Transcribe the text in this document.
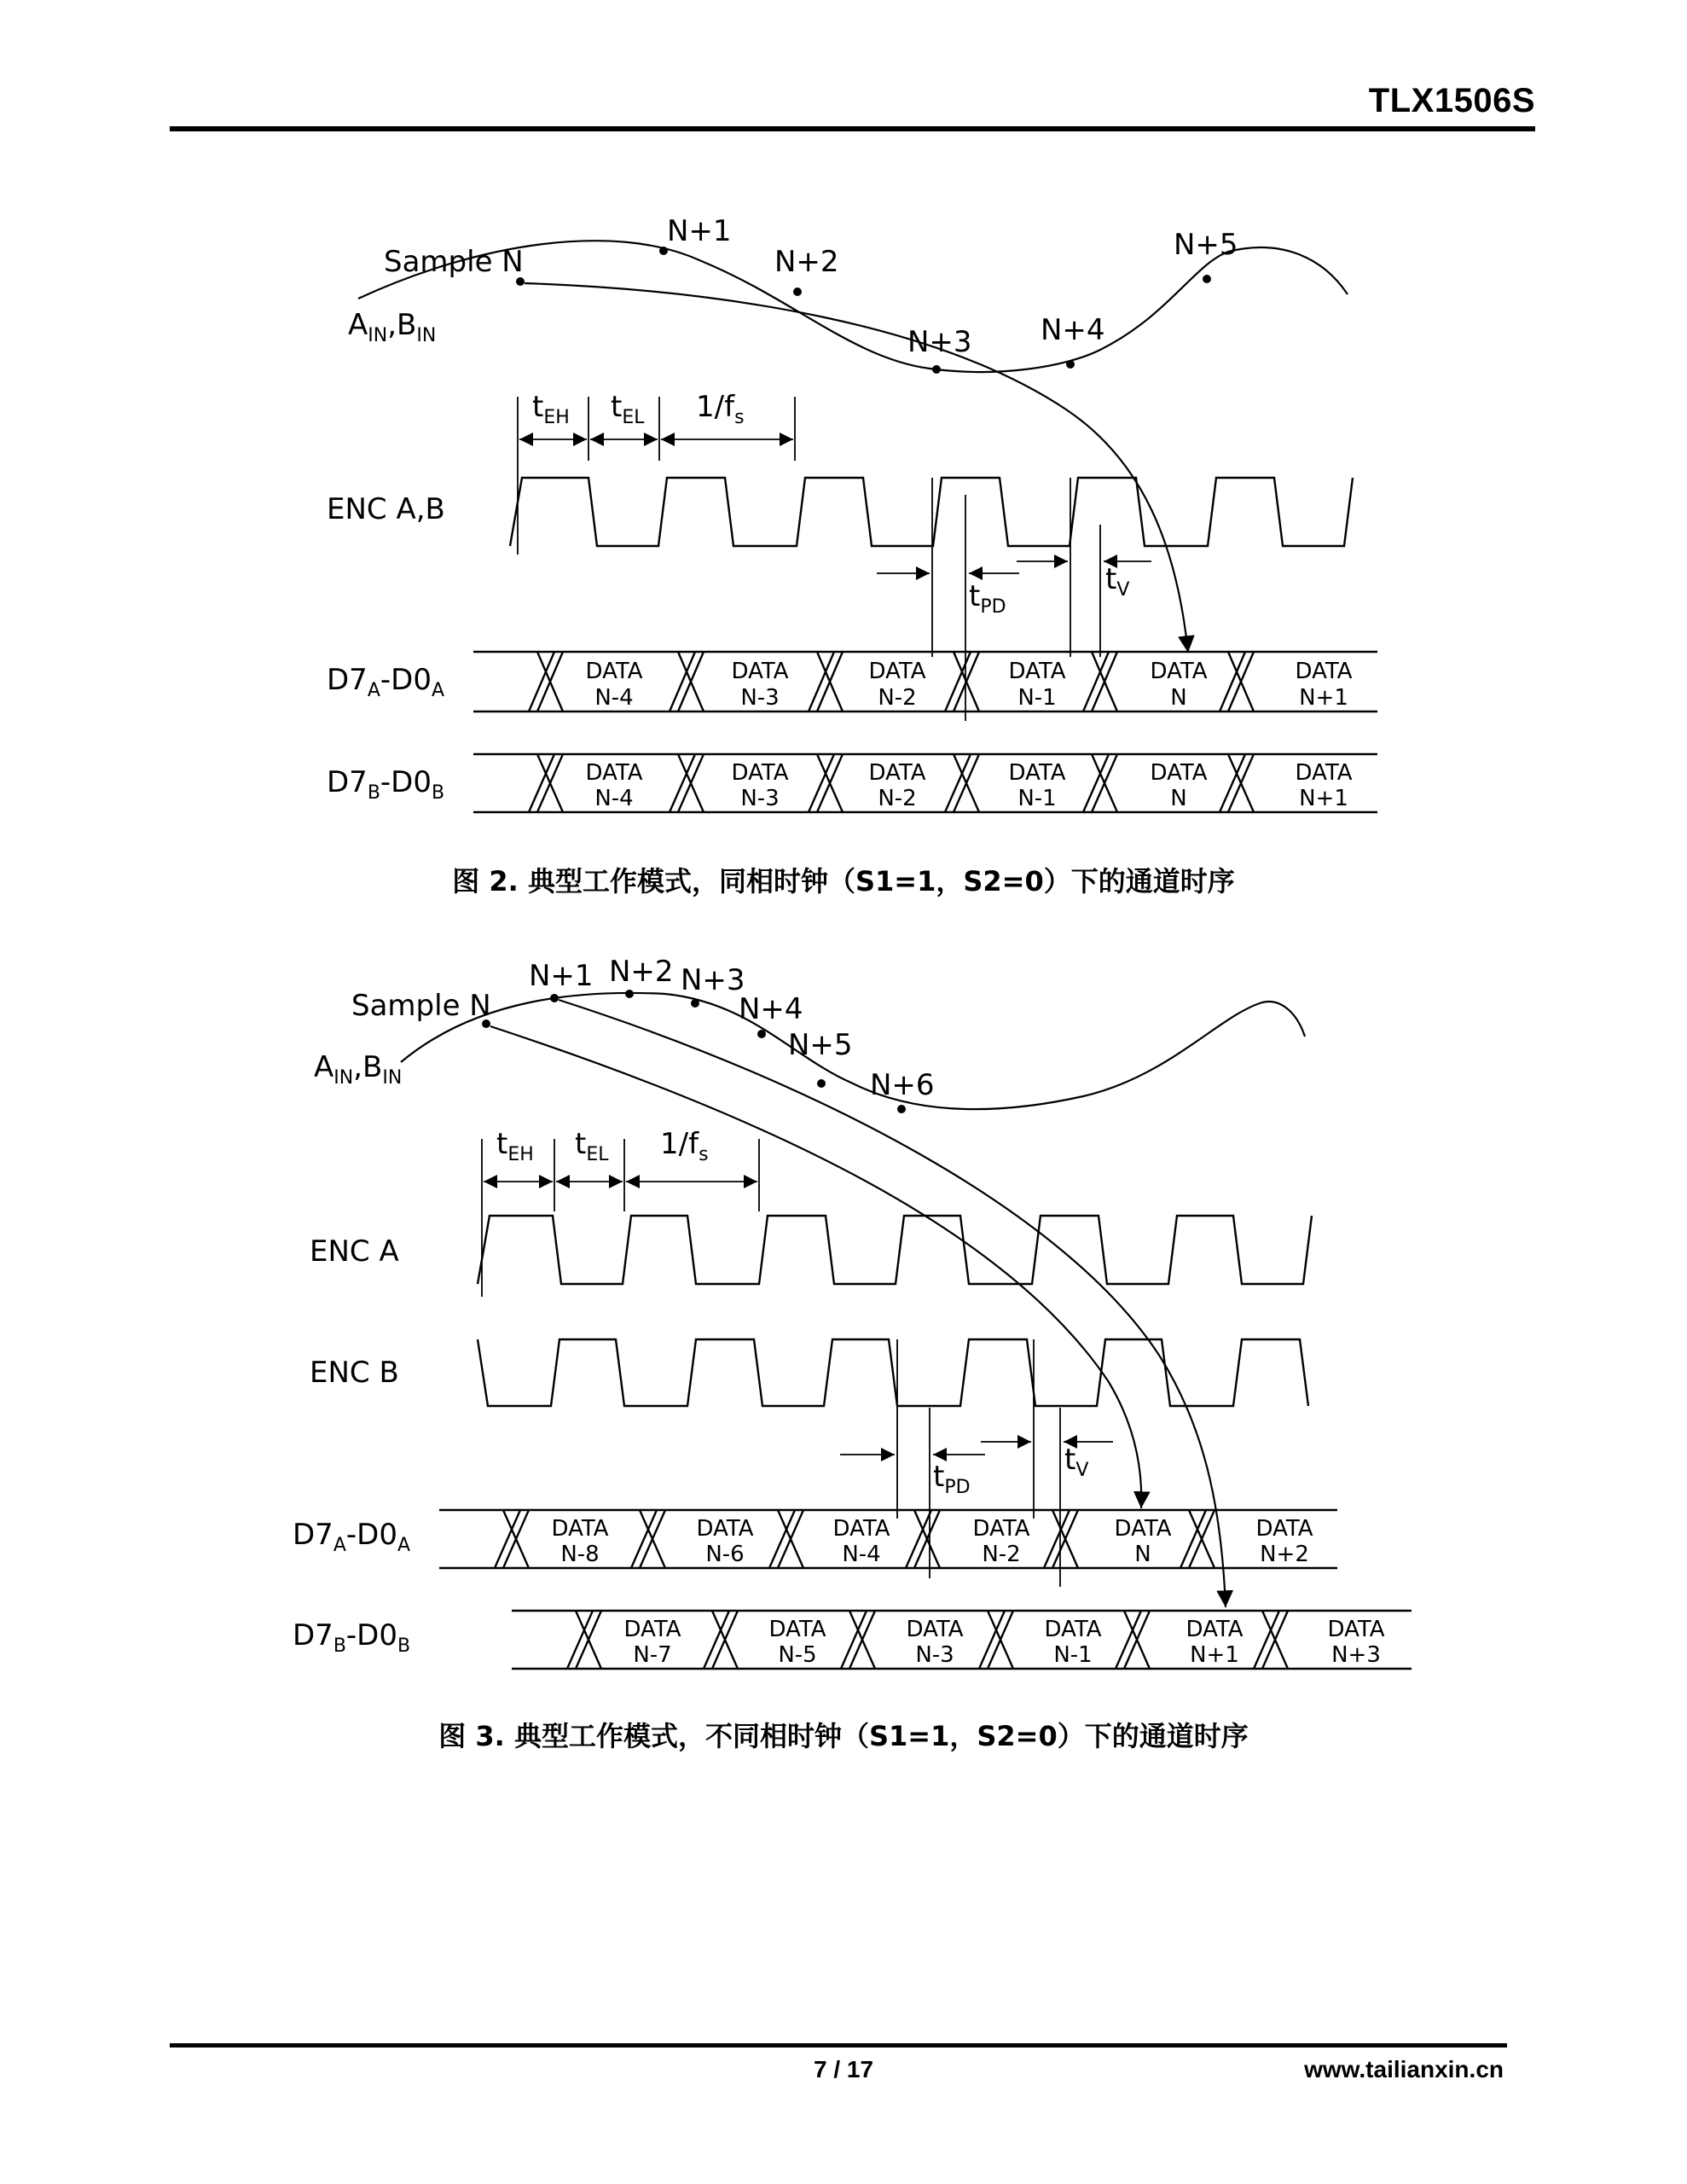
TLX1506S
Sample N
N+1
N+2
N+3 N+4
N+5
$A_{IN},B_{IN}$
$t_{EH}$ $t_{EL}$ $1/f_s$
ENC A,B
$t_{PD}$
$t_V$
$D7_A-D0_A$
DATA
N-4
DATA
N-3
DATA
N-2
DATA
N-1
DATA
N
DATA
N+1
$D7_B-D0_B$
DATA
N-4
DATA
N-3
DATA
N-2
DATA
N-1
DATA
N
DATA
N+1
图 2. 典型工作模式，同相时钟（S1=1，S2=0）下的通道时序
Sample N
N+1 N+2 N+3
N+4
N+5
N+6
$A_{IN},B_{IN}$
$t_{EH}$ $t_{EL}$ $1/f_s$
ENC A
ENC B
$t_{PD}$
$t_V$
$D7_A-D0_A$
DATA
N-8
DATA
N-6
DATA
N-4
DATA
N-2
DATA
N
DATA
N+2
$D7_B-D0_B$
DATA
N-7
DATA
N-5
DATA
N-3
DATA
N-1
DATA
N+1
DATA
N+3
图 3. 典型工作模式，不同相时钟（S1=1，S2=0）下的通道时序
7 / 17	www.tailianxin.cn
